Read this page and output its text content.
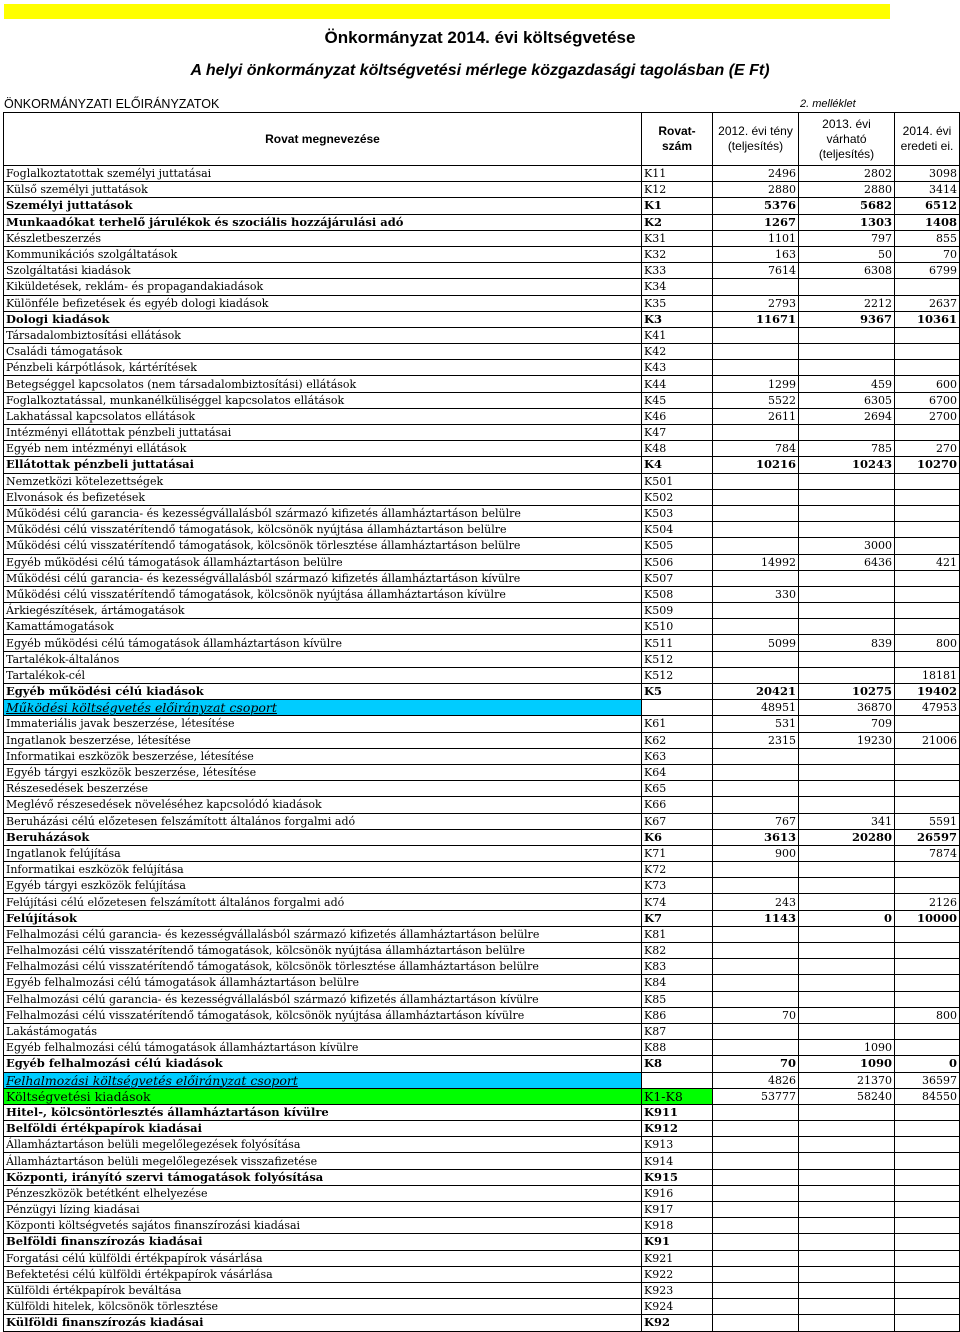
Önkormányzat 2014. évi költségvetése
A helyi önkormányzat költségvetési mérlege közgazdasági tagolásban (E Ft)
ÖNKORMÁNYZATI ELŐIRÁNYZATOK	2. melléklet
Rovat megnevezése	Rovat-szám	2012. évi tény (teljesítés)	2013. évi várható (teljesítés)	2014. évi eredeti ei.
Foglalkoztatottak személyi juttatásai	K11	2496	2802	3098
Külső személyi juttatások	K12	2880	2880	3414
Személyi juttatások	K1	5376	5682	6512
Munkaadókat terhelő járulékok és szociális hozzájárulási adó	K2	1267	1303	1408
Készletbeszerzés	K31	1101	797	855
Kommunikációs szolgáltatások	K32	163	50	70
Szolgáltatási kiadások	K33	7614	6308	6799
Kiküldetések, reklám- és propagandakiadások	K34			
Különféle befizetések és egyéb dologi kiadások	K35	2793	2212	2637
Dologi kiadások	K3	11671	9367	10361
Társadalombiztosítási ellátások	K41			
Családi támogatások	K42			
Pénzbeli kárpótlások, kártérítések	K43			
Betegséggel kapcsolatos (nem társadalombiztosítási) ellátások	K44	1299	459	600
Foglalkoztatással, munkanélküliséggel kapcsolatos ellátások	K45	5522	6305	6700
Lakhatással kapcsolatos ellátások	K46	2611	2694	2700
Intézményi ellátottak pénzbeli juttatásai	K47			
Egyéb nem intézményi ellátások	K48	784	785	270
Ellátottak pénzbeli juttatásai	K4	10216	10243	10270
Nemzetközi kötelezettségek	K501			
Elvonások és befizetések	K502			
Működési célú garancia- és kezességvállalásból származó kifizetés államháztartáson belülre	K503			
Működési célú visszatérítendő támogatások, kölcsönök nyújtása államháztartáson belülre	K504			
Működési célú visszatérítendő támogatások, kölcsönök törlesztése államháztartáson belülre	K505		3000	
Egyéb működési célú támogatások államháztartáson belülre	K506	14992	6436	421
Működési célú garancia- és kezességvállalásból származó kifizetés államháztartáson kívülre	K507			
Működési célú visszatérítendő támogatások, kölcsönök nyújtása államháztartáson kívülre	K508	330		
Árkiegészítések, ártámogatások	K509			
Kamattámogatások	K510			
Egyéb működési célú támogatások államháztartáson kívülre	K511	5099	839	800
Tartalékok-általános	K512			
Tartalékok-cél	K512			18181
Egyéb működési célú kiadások	K5	20421	10275	19402
Működési költségvetés előirányzat csoport		48951	36870	47953
Immateriális javak beszerzése, létesítése	K61	531	709	
Ingatlanok beszerzése, létesítése	K62	2315	19230	21006
Informatikai eszközök beszerzése, létesítése	K63			
Egyéb tárgyi eszközök beszerzése, létesítése	K64			
Részesedések beszerzése	K65			
Meglévő részesedések növeléséhez kapcsolódó kiadások	K66			
Beruházási célú előzetesen felszámított általános forgalmi adó	K67	767	341	5591
Beruházások	K6	3613	20280	26597
Ingatlanok felújítása	K71	900		7874
Informatikai eszközök felújítása	K72			
Egyéb tárgyi eszközök felújítása	K73			
Felújítási célú előzetesen felszámított általános forgalmi adó	K74	243		2126
Felújítások	K7	1143	0	10000
Felhalmozási célú garancia- és kezességvállalásból származó kifizetés államháztartáson belülre	K81			
Felhalmozási célú visszatérítendő támogatások, kölcsönök nyújtása államháztartáson belülre	K82			
Felhalmozási célú visszatérítendő támogatások, kölcsönök törlesztése államháztartáson belülre	K83			
Egyéb felhalmozási célú támogatások államháztartáson belülre	K84			
Felhalmozási célú garancia- és kezességvállalásból származó kifizetés államháztartáson kívülre	K85			
Felhalmozási célú visszatérítendő támogatások, kölcsönök nyújtása államháztartáson kívülre	K86	70		800
Lakástámogatás	K87			
Egyéb felhalmozási célú támogatások államháztartáson kívülre	K88		1090	
Egyéb felhalmozási célú kiadások	K8	70	1090	0
Felhalmozási költségvetés előirányzat csoport		4826	21370	36597
Költségvetési kiadások	K1-K8	53777	58240	84550
Hitel-, kölcsöntörlesztés államháztartáson kívülre	K911			
Belföldi értékpapírok kiadásai	K912			
Államháztartáson belüli megelőlegezések folyósítása	K913			
Államháztartáson belüli megelőlegezések visszafizetése	K914			
Központi, irányító szervi támogatások folyósítása	K915			
Pénzeszközök betétként elhelyezése	K916			
Pénzügyi lízing kiadásai	K917			
Központi költségvetés sajátos finanszírozási kiadásai	K918			
Belföldi finanszírozás kiadásai	K91			
Forgatási célú külföldi értékpapírok vásárlása	K921			
Befektetési célú külföldi értékpapírok vásárlása	K922			
Külföldi értékpapírok beváltása	K923			
Külföldi hitelek, kölcsönök törlesztése	K924			
Külföldi finanszírozás kiadásai	K92			
